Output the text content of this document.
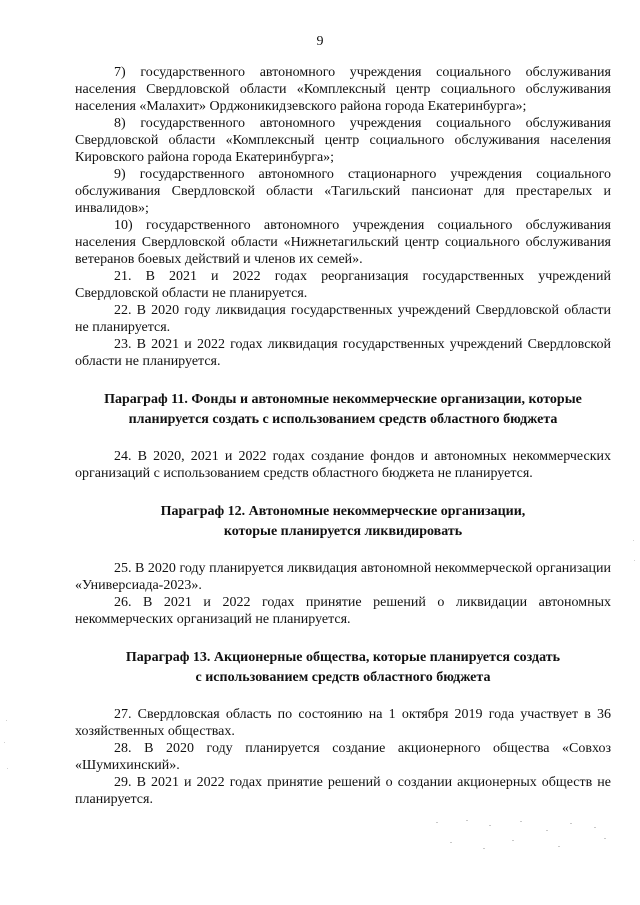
9

7) государственного автономного учреждения социального обслуживания населения Свердловской области «Комплексный центр социального обслуживания населения «Малахит» Орджоникидзевского района города Екатеринбурга»;

8) государственного автономного учреждения социального обслуживания Свердловской области «Комплексный центр социального обслуживания населения Кировского района города Екатеринбурга»;

9) государственного автономного стационарного учреждения социального обслуживания Свердловской области «Тагильский пансионат для престарелых и инвалидов»;

10) государственного автономного учреждения социального обслуживания населения Свердловской области «Нижнетагильский центр социального обслуживания ветеранов боевых действий и членов их семей».

21. В 2021 и 2022 годах реорганизация государственных учреждений Свердловской области не планируется.

22. В 2020 году ликвидация государственных учреждений Свердловской области не планируется.

23. В 2021 и 2022 годах ликвидация государственных учреждений Свердловской области не планируется.

Параграф 11. Фонды и автономные некоммерческие организации, которые
планируется создать с использованием средств областного бюджета

24. В 2020, 2021 и 2022 годах создание фондов и автономных некоммерческих организаций с использованием средств областного бюджета не планируется.

Параграф 12. Автономные некоммерческие организации,
которые планируется ликвидировать

25. В 2020 году планируется ликвидация автономной некоммерческой организации «Универсиада-2023».

26. В 2021 и 2022 годах принятие решений о ликвидации автономных некоммерческих организаций не планируется.

Параграф 13. Акционерные общества, которые планируется создать
с использованием средств областного бюджета

27. Свердловская область по состоянию на 1 октября 2019 года участвует в 36 хозяйственных обществах.

28. В 2020 году планируется создание акционерного общества «Совхоз «Шумихинский».

29. В 2021 и 2022 годах принятие решений о создании акционерных обществ не планируется.
